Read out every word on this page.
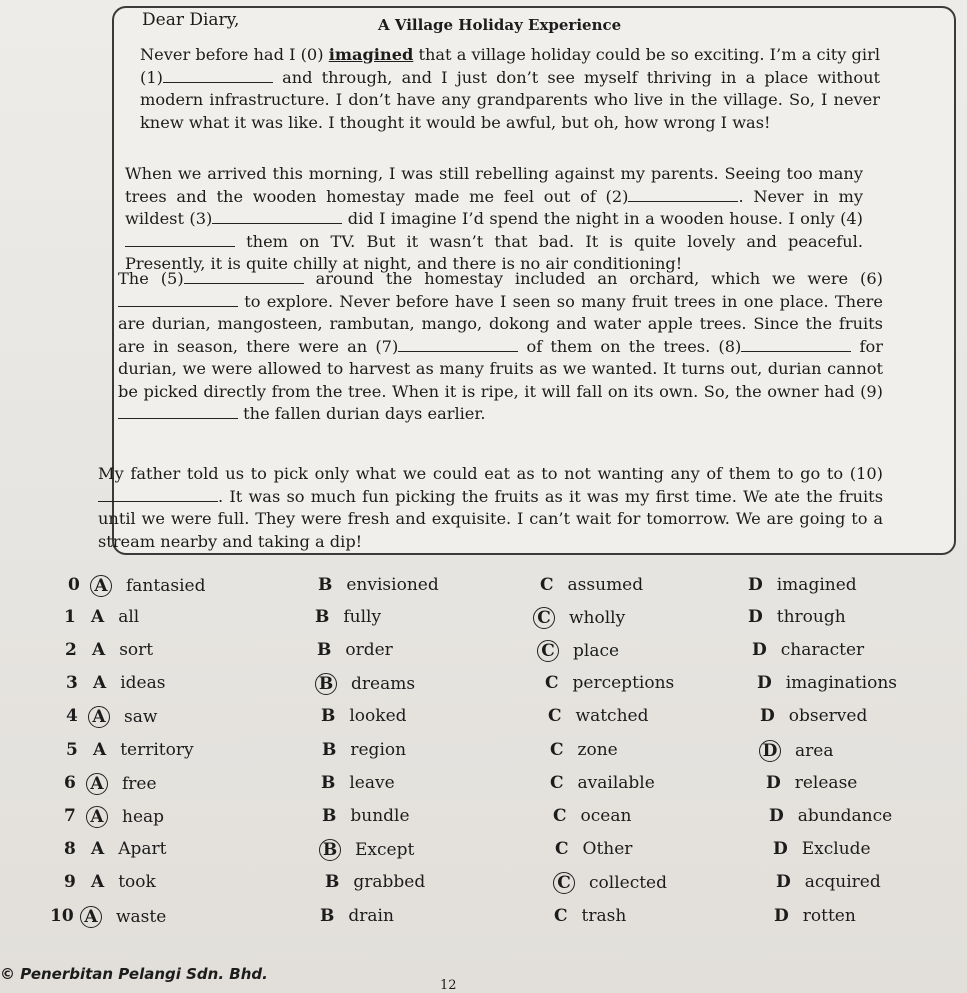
Dear Diary,	A Village Holiday Experience

Never before had I (0) imagined that a village holiday could be so exciting. I’m a city girl (1)	and through, and I just don’t see myself thriving in a place without modern infrastructure. I don’t have any grandparents who live in the village. So, I never knew what it was like. I thought it would be awful, but oh, how wrong I was!

When we arrived this morning, I was still rebelling against my parents. Seeing too many trees and the wooden homestay made me feel out of (2)	. Never in my wildest (3)	did I imagine I’d spend the night in a wooden house. I only (4) them on TV. But it wasn’t that bad. It is quite lovely and peaceful. Presently, it is quite chilly at night, and there is no air conditioning!

The (5)	around the homestay included an orchard, which we were (6) to explore. Never before have I seen so many fruit trees in one place. There are durian, mangosteen, rambutan, mango, dokong and water apple trees. Since the fruits are in season, there were an (7)	of them on the trees. (8)	for durian, we were allowed to harvest as many fruits as we wanted. It turns out, durian cannot be picked directly from the tree. When it is ripe, it will fall on its own. So, the owner had (9) the fallen durian days earlier.

My father told us to pick only what we could eat as to not wanting any of them to go to (10). It was so much fun picking the fruits as it was my first time. We ate the fruits until we were full. They were fresh and exquisite. I can’t wait for tomorrow. We are going to a stream nearby and taking a dip!

0 A fantasied	B envisioned	C assumed	D imagined
1 A all	B fully	C wholly	D through
2 A sort	B order	C place	D character
3 A ideas	B dreams	C perceptions	D imaginations
4 A saw	B looked	C watched	D observed
5 A territory	B region	C zone	D area
6 A free	B leave	C available	D release
7 A heap	B bundle	C ocean	D abundance
8 A Apart	B Except	C Other	D Exclude
9 A took	B grabbed	C collected	D acquired
10 A waste	B drain	C trash	D rotten
© Penerbitan Pelangi Sdn. Bhd.
12
